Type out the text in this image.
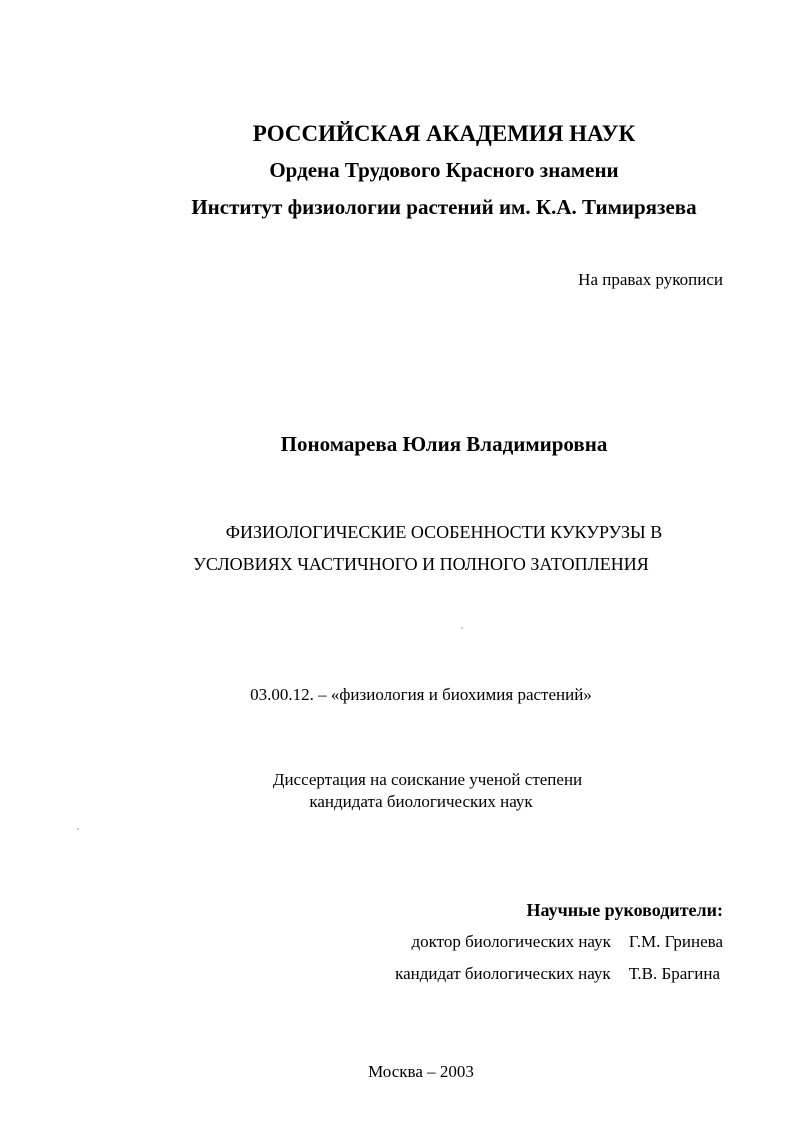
РОССИЙСКАЯ АКАДЕМИЯ НАУК
Ордена Трудового Красного знамени
Институт физиологии растений им. К.А. Тимирязева
На правах рукописи
Пономарева Юлия Владимировна
ФИЗИОЛОГИЧЕСКИЕ ОСОБЕННОСТИ КУКУРУЗЫ В
УСЛОВИЯХ ЧАСТИЧНОГО И ПОЛНОГО ЗАТОПЛЕНИЯ
03.00.12. – «физиология и биохимия растений»
Диссертация на соискание ученой степени
кандидата биологических наук
Научные руководители:
доктор биологических наук Г.М. Гринева
кандидат биологических наук Т.В. Брагина
Москва – 2003
